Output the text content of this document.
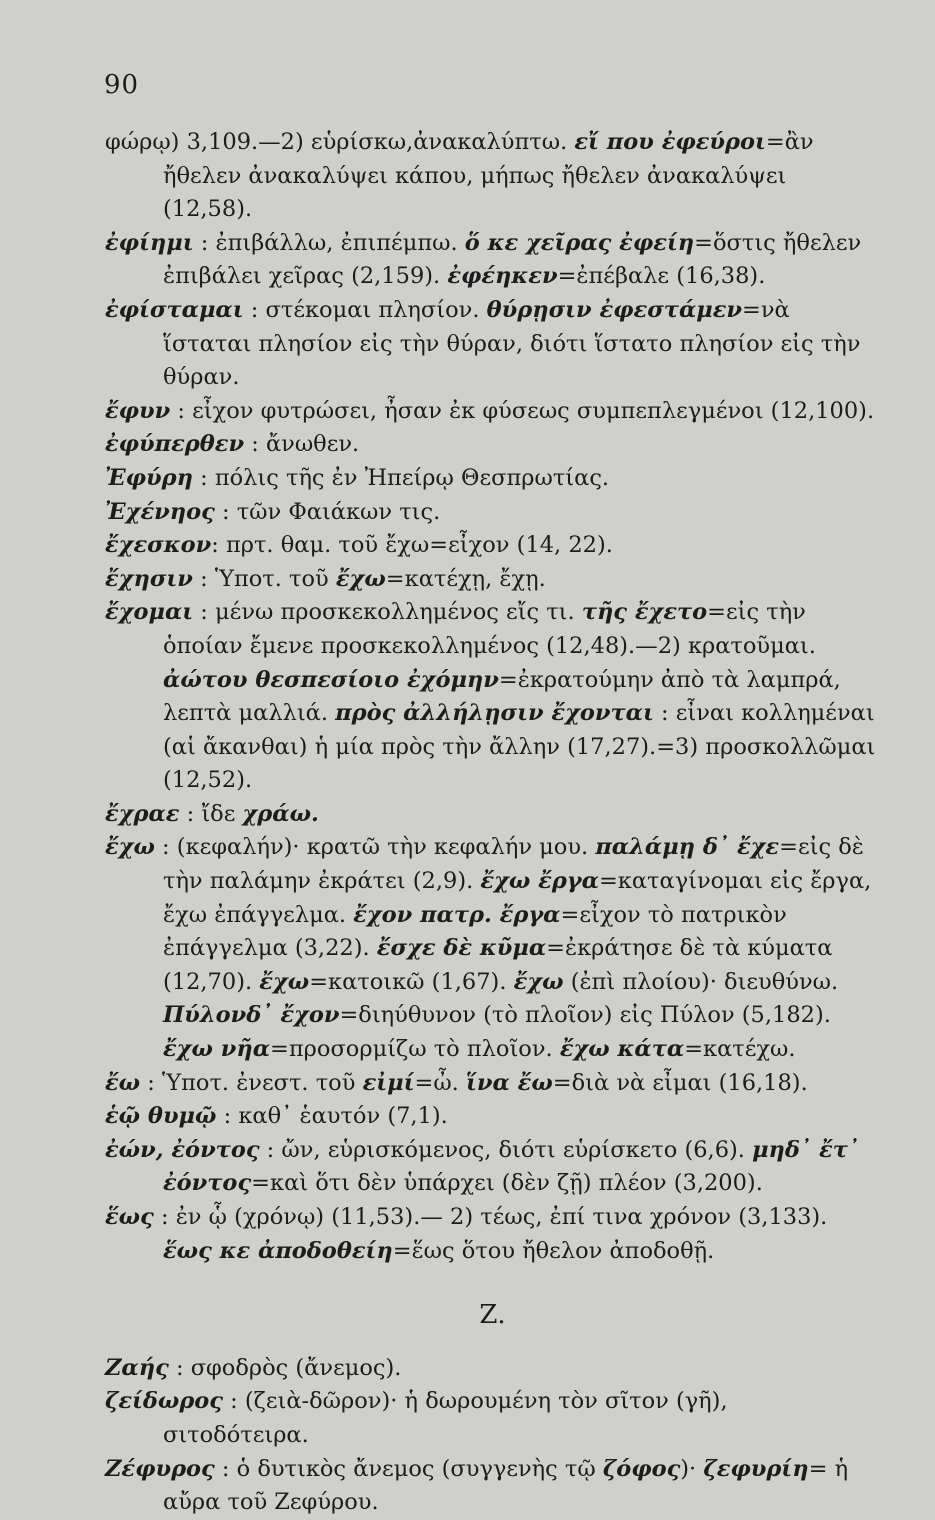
90

φώρῳ) 3,109.—2) εὑρίσκω,ἀνακαλύπτω. εἴ που ἐφεύροι=ἂν ἤθελεν ἀνακαλύψει κάπου, μήπως ἤθελεν ἀνακαλύψει (12,58).

ἐφίημι : ἐπιβάλλω, ἐπιπέμπω. ὅ κε χεῖρας ἐφείη=ὅστις ἤθελεν ἐπιβάλει χεῖρας (2,159). ἐφέηκεν=ἐπέβαλε (16,38).

ἐφίσταμαι : στέκομαι πλησίον. θύρῃσιν ἐφεστάμεν=νὰ ἵσταται πλησίον εἰς τὴν θύραν, διότι ἵστατο πλησίον εἰς τὴν θύραν.

ἔφυν : εἶχον φυτρώσει, ἦσαν ἐκ φύσεως συμπεπλεγμένοι (12,100).

ἐφύπερθεν : ἄνωθεν.

Ἐφύρη : πόλις τῆς ἐν Ἠπείρῳ Θεσπρωτίας.

Ἐχένηος : τῶν Φαιάκων τις.

ἔχεσκον: πρτ. θαμ. τοῦ ἔχω=εἶχον (14, 22).

ἔχησιν : Ὑποτ. τοῦ ἔχω=κατέχῃ, ἔχῃ.

ἔχομαι : μένω προσκεκολλημένος εἴς τι. τῆς ἔχετο=εἰς τὴν ὁποίαν ἔμενε προσκεκολλημένος (12,48).—2) κρατοῦμαι. ἀώτου θεσπεσίοιο ἐχόμην=ἐκρατούμην ἀπὸ τὰ λαμπρά, λεπτὰ μαλλιά. πρὸς ἀλλήλῃσιν ἔχονται : εἶναι κολλημέναι (αἱ ἄκανθαι) ἡ μία πρὸς τὴν ἄλλην (17,27).=3) προσκολλῶμαι (12,52).

ἔχραε : ἴδε χράω.

ἔχω : (κεφαλήν)· κρατῶ τὴν κεφαλήν μου. παλάμῃ δ᾽ ἔχε=εἰς δὲ τὴν παλάμην ἐκράτει (2,9). ἔχω ἔργα=καταγίνομαι εἰς ἔργα, ἔχω ἐπάγγελμα. ἔχον πατρ. ἔργα=εἶχον τὸ πατρικὸν ἐπάγγελμα (3,22). ἔσχε δὲ κῦμα=ἐκράτησε δὲ τὰ κύματα (12,70). ἔχω=κατοικῶ (1,67). ἔχω (ἐπὶ πλοίου)· διευθύνω. Πύλονδ᾽ ἔχον=διηύθυνον (τὸ πλοῖον) εἰς Πύλον (5,182). ἔχω νῆα=προσορμίζω τὸ πλοῖον. ἔχω κάτα=κατέχω.

ἔω : Ὑποτ. ἐνεστ. τοῦ εἰμί=ὦ. ἵνα ἔω=διὰ νὰ εἶμαι (16,18).

ἑῷ θυμῷ : καθ᾽ ἑαυτόν (7,1).

ἐών, ἐόντος : ὤν, εὑρισκόμενος, διότι εὑρίσκετο (6,6). μηδ᾽ ἔτ᾽ ἐόντος=καὶ ὅτι δὲν ὑπάρχει (δὲν ζῇ) πλέον (3,200).

ἕως : ἐν ᾧ (χρόνῳ) (11,53).— 2) τέως, ἐπί τινα χρόνον (3,133). ἕως κε ἀποδοθείη=ἕως ὅτου ἤθελον ἀποδοθῇ.

Ζ.

Ζαής : σφοδρὸς (ἄνεμος).

ζείδωρος : (ζειὰ-δῶρον)· ἡ δωρουμένη τὸν σῖτον (γῆ), σιτοδότειρα.

Ζέφυρος : ὁ δυτικὸς ἄνεμος (συγγενὴς τῷ ζόφος)· ζεφυρίη= ἡ αὔρα τοῦ Ζεφύρου.
